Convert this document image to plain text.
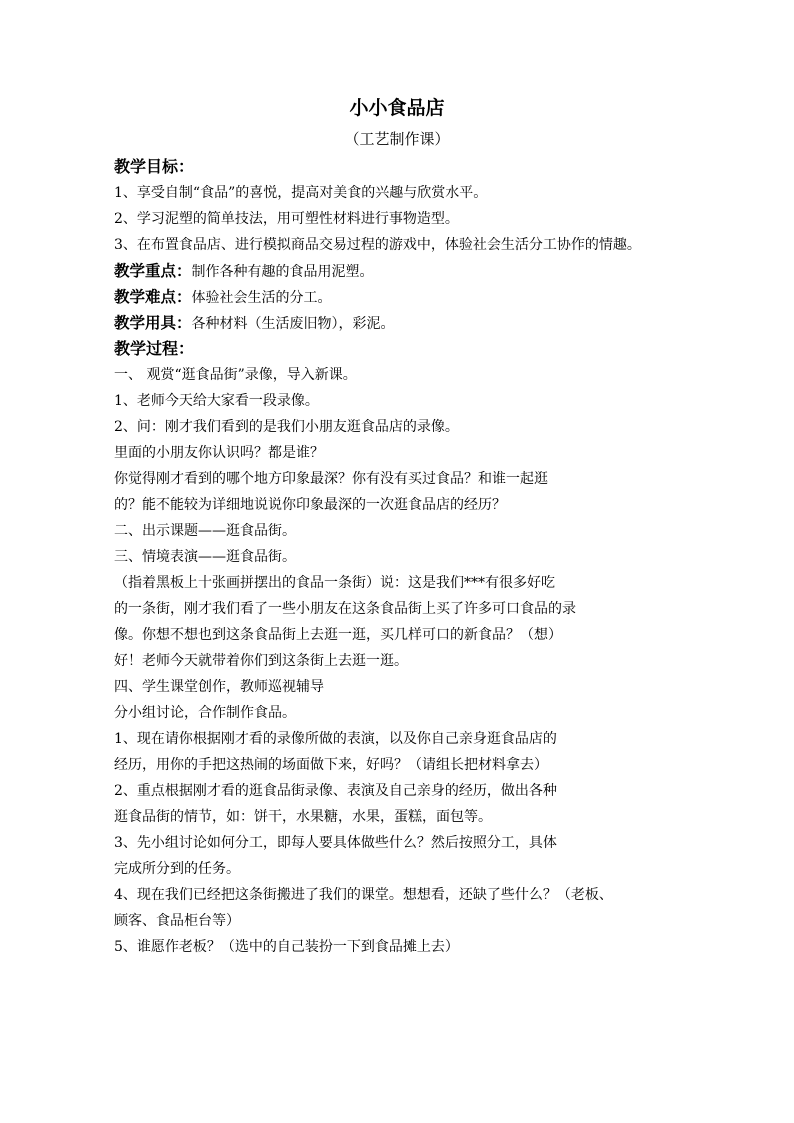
小小食品店
（工艺制作课）
教学目标：
1、享受自制“食品”的喜悦，提高对美食的兴趣与欣赏水平。
2、学习泥塑的简单技法，用可塑性材料进行事物造型。
3、在布置食品店、进行模拟商品交易过程的游戏中，体验社会生活分工协作的情趣。
教学重点：制作各种有趣的食品用泥塑。
教学难点：体验社会生活的分工。
教学用具：各种材料（生活废旧物），彩泥。
教学过程：
一、 观赏“逛食品街”录像，导入新课。
1、老师今天给大家看一段录像。
2、问：刚才我们看到的是我们小朋友逛食品店的录像。
里面的小朋友你认识吗？都是谁？
你觉得刚才看到的哪个地方印象最深？你有没有买过食品？和谁一起逛
的？能不能较为详细地说说你印象最深的一次逛食品店的经历？
二、出示课题——逛食品街。
三、情境表演——逛食品街。
（指着黑板上十张画拼摆出的食品一条街）说：这是我们***有很多好吃
的一条街，刚才我们看了一些小朋友在这条食品街上买了许多可口食品的录
像。你想不想也到这条食品街上去逛一逛，买几样可口的新食品？（想）
好！老师今天就带着你们到这条街上去逛一逛。
四、学生课堂创作，教师巡视辅导
分小组讨论，合作制作食品。
1、现在请你根据刚才看的录像所做的表演，以及你自己亲身逛食品店的
经历，用你的手把这热闹的场面做下来，好吗？（请组长把材料拿去）
2、重点根据刚才看的逛食品街录像、表演及自己亲身的经历，做出各种
逛食品街的情节，如：饼干，水果糖，水果，蛋糕，面包等。
3、先小组讨论如何分工，即每人要具体做些什么？然后按照分工，具体
完成所分到的任务。
4、现在我们已经把这条街搬进了我们的课堂。想想看，还缺了些什么？（老板、
顾客、食品柜台等）
5、谁愿作老板？（选中的自己装扮一下到食品摊上去）
